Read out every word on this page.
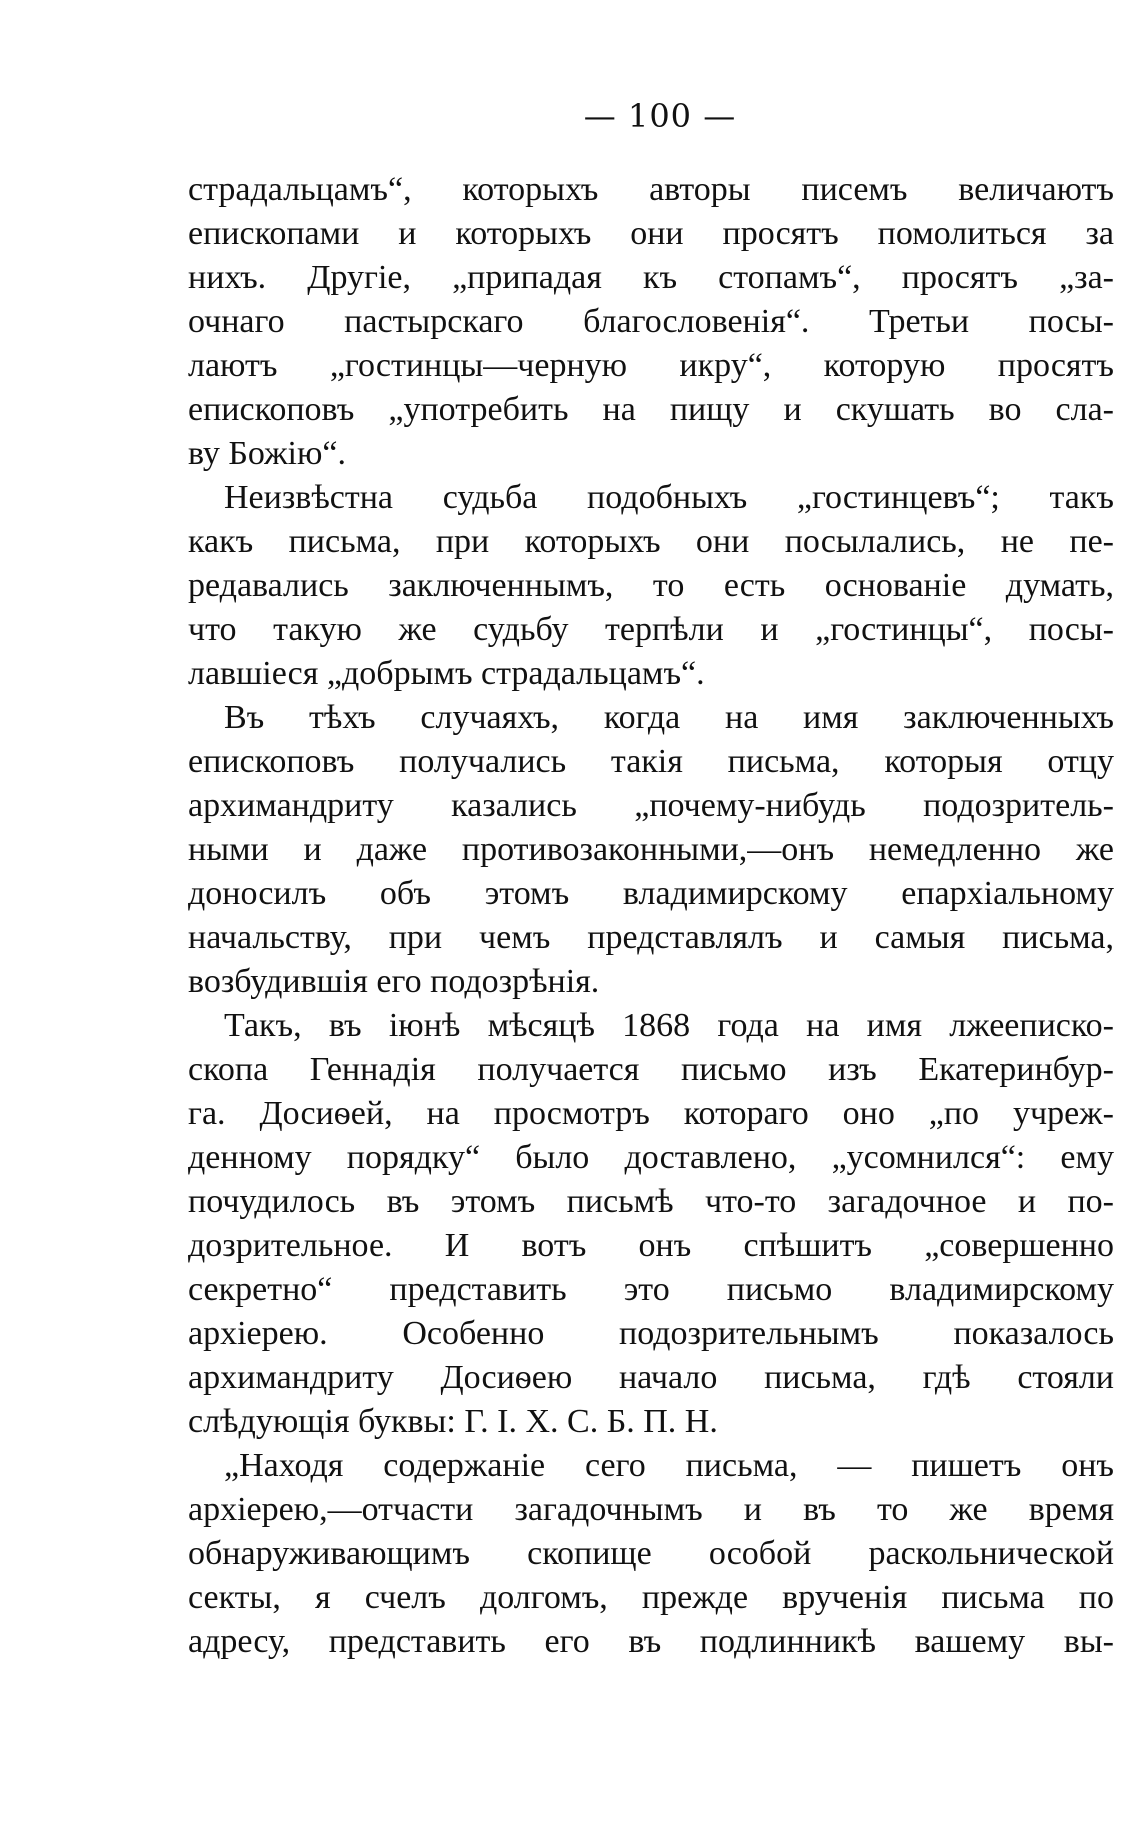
— 100 —
страдальцамъ“, которыхъ авторы писемъ величаютъ
епископами и которыхъ они просятъ помолиться за
нихъ. Другіе, „припадая къ стопамъ“, просятъ „за-
очнаго пастырскаго благословенія“. Третьи посы-
лаютъ „гостинцы—черную икру“, которую просятъ
епископовъ „употребить на пищу и скушать во сла-
ву Божію“.
Неизвѣстна судьба подобныхъ „гостинцевъ“; такъ
какъ письма, при которыхъ они посылались, не пе-
редавались заключеннымъ, то есть основаніе думать,
что такую же судьбу терпѣли и „гостинцы“, посы-
лавшіеся „добрымъ страдальцамъ“.
Въ тѣхъ случаяхъ, когда на имя заключенныхъ
епископовъ получались такія письма, которыя отцу
архимандриту казались „почему-нибудь подозритель-
ными и даже противозаконными,—онъ немедленно же
доносилъ объ этомъ владимирскому епархіальному
начальству, при чемъ представлялъ и самыя письма,
возбудившія его подозрѣнія.
Такъ, въ іюнѣ мѣсяцѣ 1868 года на имя лжееписко-
скопа Геннадія получается письмо изъ Екатеринбур-
га. Досиѳей, на просмотръ котораго оно „по учреж-
денному порядку“ было доставлено, „усомнился“: ему
почудилось въ этомъ письмѣ что-то загадочное и по-
дозрительное. И вотъ онъ спѣшитъ „совершенно
секретно“ представить это письмо владимирскому
архіерею. Особенно подозрительнымъ показалось
архимандриту Досиѳею начало письма, гдѣ стояли
слѣдующія буквы: Г. І. Х. С. Б. П. Н.
„Находя содержаніе сего письма, — пишетъ онъ
архіерею,—отчасти загадочнымъ и въ то же время
обнаруживающимъ скопище особой раскольнической
секты, я счелъ долгомъ, прежде врученія письма по
адресу, представить его въ подлинникѣ вашему вы-
